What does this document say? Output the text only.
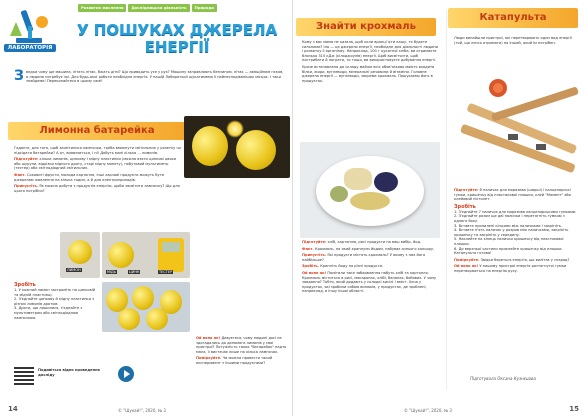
Розвиток мислення	Дослідницька діяльність	Природа
ЛАБОРАТОРІЯ
У ПОШУКАХ ДЖЕРЕЛА ЕНЕРГІЇ
Зведки чому ще машина, літать літак, бжать діти? Що приводить усе у рух? Машину заправляють бензином, літак — авіаційним газом, а людина потребує їжі. Для будь-якої роботи необхідна енергія. У нашій Лабораторії шукатимемо її найнесподіваніших місцях. І таки знайдемо! Переконайтеся в цьому самі!
Лимонна батарейка

Гадаєте, для того, щоб засвітилися лампочки, треба вмикнути світильник у розетку чи підсідати батарейки? А от, виявляється, і ні! Добуть малі кілька ... лимонів.

Підготуйте: кілька лимонів, цинкову і мідну пластинки (можна взяти цинкові цвяхи або шурупи, відрізки мідного дроту, старі мідну монету), побутовий мультиметр (тестер) або світлодіодний світильник.

Факт. Соковиті фрукти, молода картопля, інші харчові продукти можуть бути джерелом живлення на кілька годин, а й для електроприладів.

Припустіть. Як можна добути з продуктів енергію, щоби засвітити лампочку? Що для цього потрібно?

МІДЬ	ЦИНК	ТЕСТЕР
ЛИМОН

Зробіть

1. У кожний лимон застроміть по цинковій та мідній пластинці.

2. З'єднайте цинкову й мідну пластинки з різних лимонів дротом.

3. Дроти, що лишилися, з'єднайте з мультиметром або світлодіодною лампочкою.

Подивіться відео проведення досліду

Ой воно як! Дивуєтеся, чому людині досі не здогадались до допомоги лимонів у свої пристрої? Потужність таких "батарейок" надто мала, її вистачає лише на кілька лампочок.

Поміркуйте. Чи можна провести такий експеримент з іншими продуктами?

© "Шукай!", 2020, № 3
14
Знайти крохмаль
Катапульта

Кому з вас мама не казала, щоб коли вранці їсти кашу, то будете сильними? Іна — це джерело енергії, необхідне для діяльності людини і розвитку її організму. Наприклад, 100 г цукатної хліба, ви отримаєте близько 315 кДж (кілоджоулів) енергії. Щоб висвітчити, щоб пострибати й пограти, то тощо, ви використовуєте добування енергії.

Уряче встановлено до складу майже всіх обов'язково мають входити білки, жири, вуглеводи, мінеральні речовини й вітаміни. Головне джерело енергії — вуглеводи, зокрема крохмаль. Пошукаємо його в продуктах.

Підготуйте: хліб, картоплю, рисі продукти на ваш вибір, йод.

Факт. Крохмаль, на який крапнули йодом, набуває синього кольору.

Припустіть. Які продукти містять крохмаль? У якому з них його найбільше?

Зробіть. Крапніть йоду на різні продукти.

Ой воно як! Помітили таке забарвлення набуть хліб та картопля. Крохмаль міститься в рисі, макаронах, хлібі, бананах, бобових. У чому завдання? Тобто, який додають у солодкі кисілі і вміст. Хоча у продуктах, які зробили собою вилюків, у продуктах, де зроблені, наприклад, в іншу іншої області.

Люди винайшли пристрої, які перетворюють один вид енергії (той, що легко отримати) на інший, який їм потрібен.

Підготуйте: 8 паличок для морозива (ширші) і канцелярські гумки, кришечку від пластикової пляшки, клей "Момент" або клейовий пістолет.

Зробіть

1. З'єднайте 7 паличок для морозива канцелярськими гумками.

2. З'єднайте разом ще дві палички і перетягніть гумкою з одного боку.

3. Вставте пропилені кінцями між паличками і закріпіть.

4. Вставте п'ять паличок у розрив між паличками, закріпіть кришечку та закріпіть у середину.

5. Наклейте на кінець палички кришечку від пластикової пляшки.

6. До верхньої частини приклейте кришечку від пляшки. Катапульта готова!

Поміркуйте. Звідки береться енергія, що вилітає у снаряд?

Ой воно як! У нашому пристрої енергія розтягнутої гумки перетворюється на енергію руху.

Підготувала Оксана Кузнєцова
© "Шукай!", 2020, № 3	15
